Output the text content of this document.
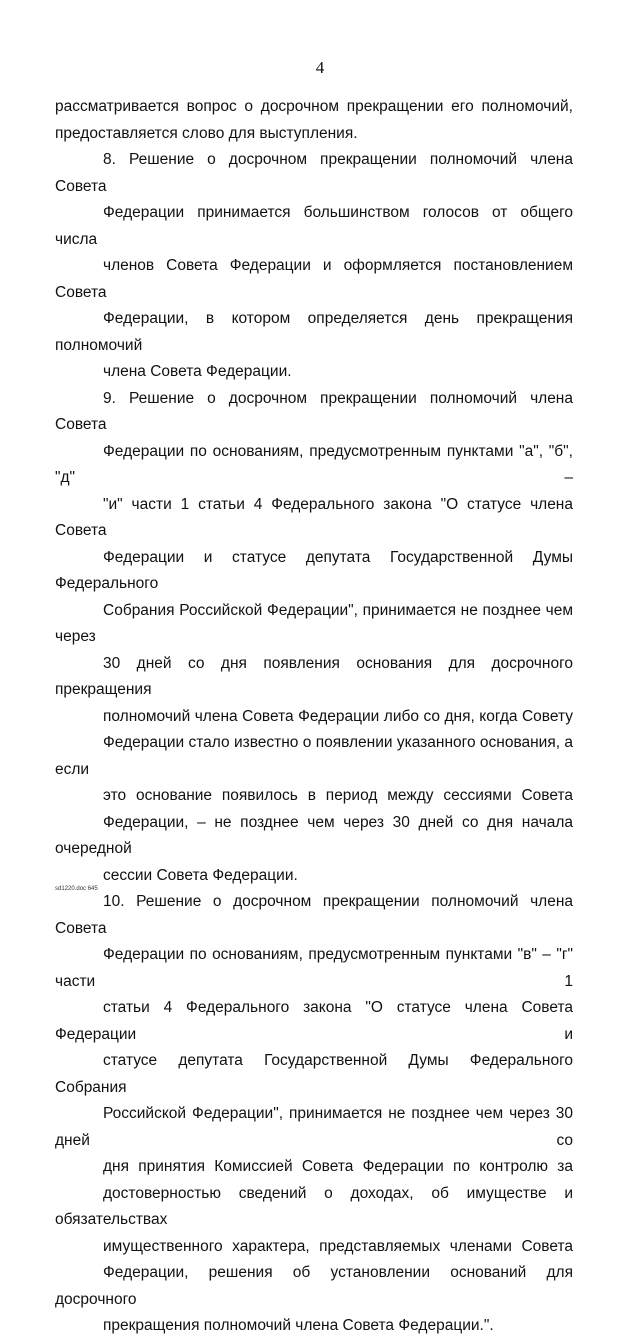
4

рассматривается вопрос о досрочном прекращении его полномочий,
предоставляется слово для выступления.

8. Решение о досрочном прекращении полномочий члена Совета
Федерации принимается большинством голосов от общего числа
членов Совета Федерации и оформляется постановлением Совета
Федерации, в котором определяется день прекращения полномочий
члена Совета Федерации.

9. Решение о досрочном прекращении полномочий члена Совета
Федерации по основаниям, предусмотренным пунктами "а", "б", "д" –
"и" части 1 статьи 4 Федерального закона "О статусе члена Совета
Федерации и статусе депутата Государственной Думы Федерального
Собрания Российской Федерации", принимается не позднее чем через
30 дней со дня появления основания для досрочного прекращения
полномочий члена Совета Федерации либо со дня, когда Совету
Федерации стало известно о появлении указанного основания, а если
это основание появилось в период между сессиями Совета
Федерации, – не позднее чем через 30 дней со дня начала очередной
сессии Совета Федерации.

10. Решение о досрочном прекращении полномочий члена Совета
Федерации по основаниям, предусмотренным пунктами "в" – "г" части 1
статьи 4 Федерального закона "О статусе члена Совета Федерации и
статусе депутата Государственной Думы Федерального Собрания
Российской Федерации", принимается не позднее чем через 30 дней со
дня принятия Комиссией Совета Федерации по контролю за
достоверностью сведений о доходах, об имуществе и обязательствах
имущественного характера, представляемых членами Совета
Федерации, решения об установлении оснований для досрочного
прекращения полномочий члена Совета Федерации.".

sd1220.doc 645
